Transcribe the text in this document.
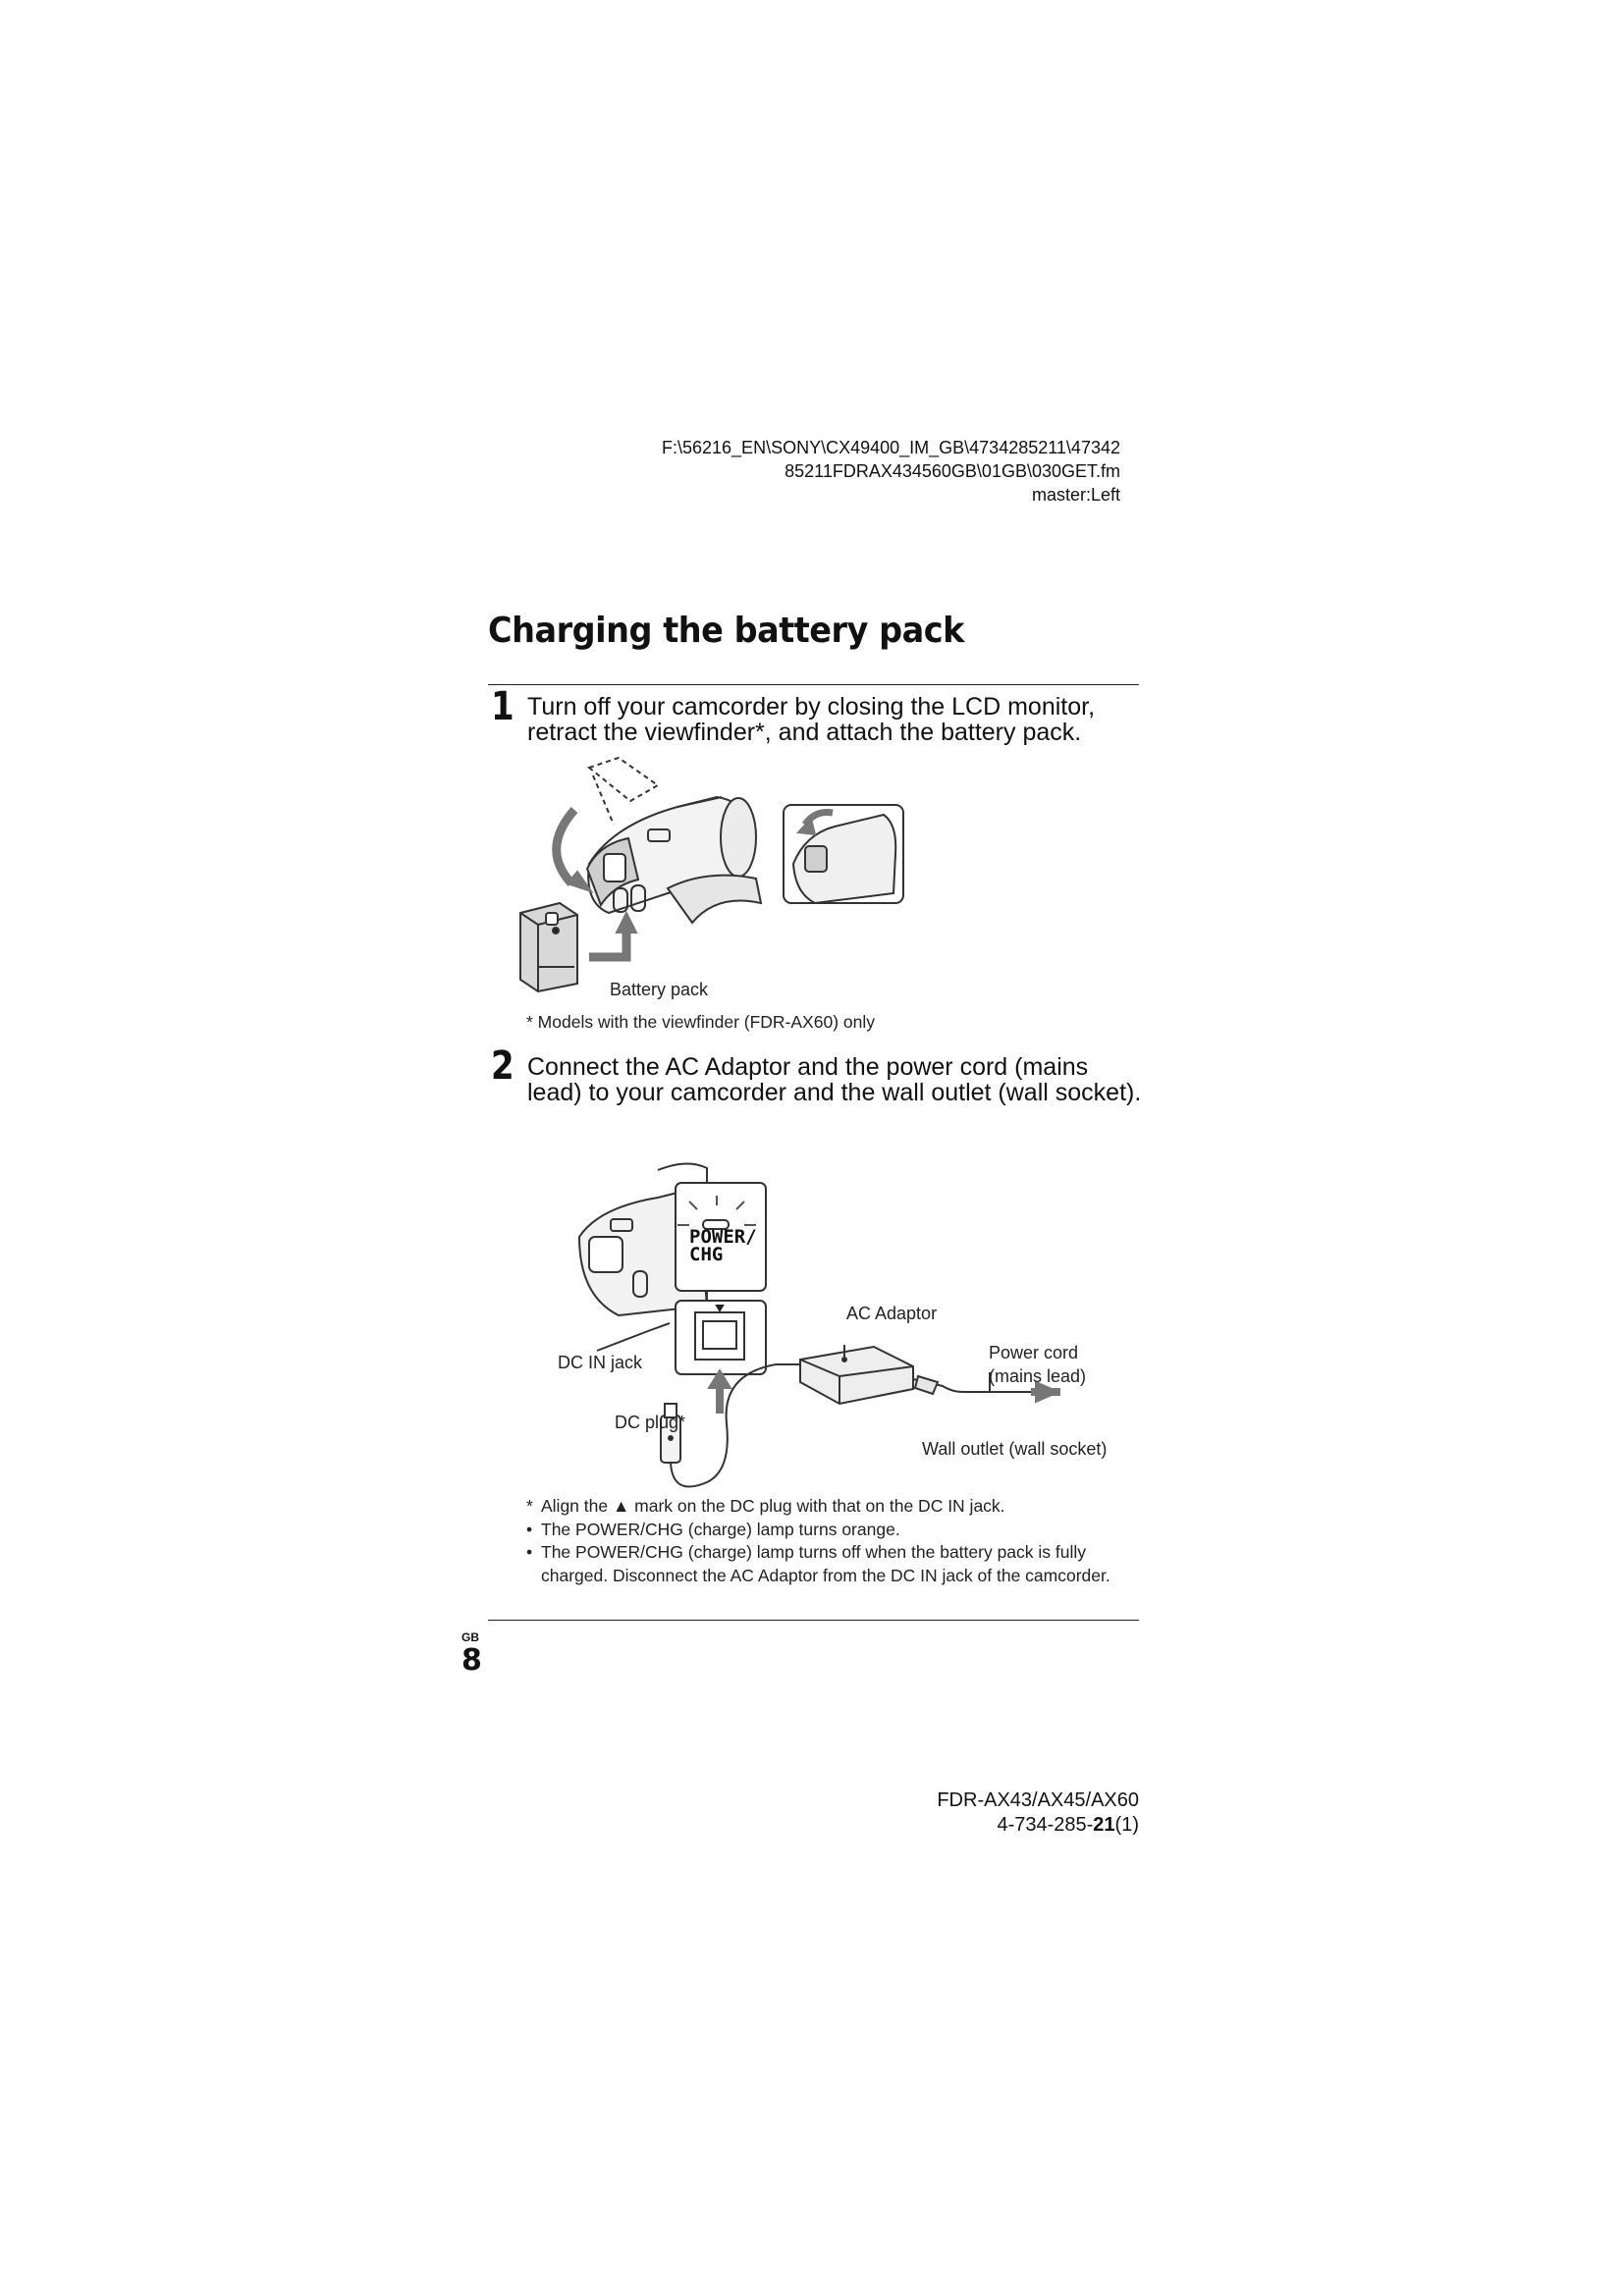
F:\56216_EN\SONY\CX49400_IM_GB\4734285211\47342
85211FDRAX434560GB\01GB\030GET.fm
master:Left
Charging the battery pack
1 Turn off your camcorder by closing the LCD monitor, retract the viewfinder*, and attach the battery pack.
Battery pack
* Models with the viewfinder (FDR-AX60) only
2 Connect the AC Adaptor and the power cord (mains lead) to your camcorder and the wall outlet (wall socket).
POWER/
CHG
AC Adaptor
Power cord
(mains lead)
DC IN jack
DC plug*
Wall outlet (wall socket)
* Align the ▲ mark on the DC plug with that on the DC IN jack.
• The POWER/CHG (charge) lamp turns orange.
• The POWER/CHG (charge) lamp turns off when the battery pack is fully charged. Disconnect the AC Adaptor from the DC IN jack of the camcorder.
GB
8
FDR-AX43/AX45/AX60
4-734-285-21(1)
